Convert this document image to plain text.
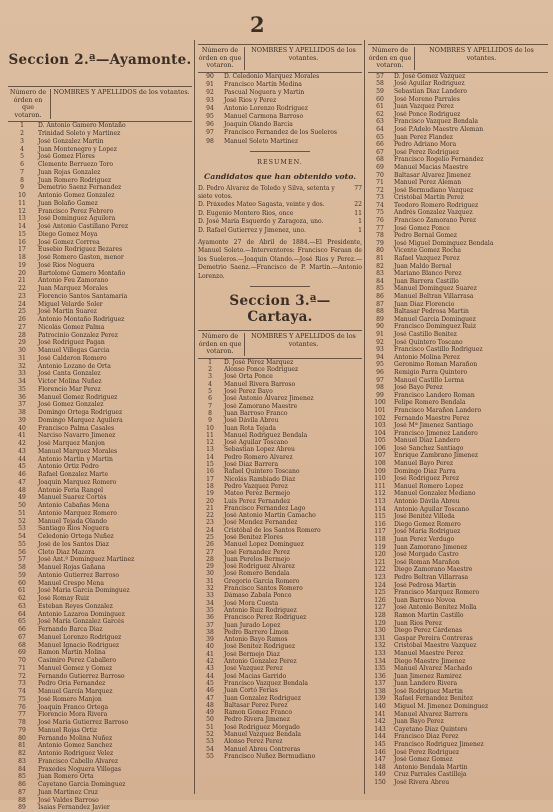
2
Seccion 2.ª—Ayamonte.
Número de órden en que votaron.
NOMBRES Y APELLIDOS de los votantes.
1	D. Antonio Gamero Montaño
2	Trinidad Soleto y Martinez
3	José Gonzalez Martin
4	Juan Montenegro y Lopez
5	José Gomez Flores
6	Clemente Berruezo Toro
7	Juan Rojas Gonzalez
8	Juan Romero Rodriguez
9	Demetrio Saenz Fernandez
10	Antonio Gomez Gonzalez
11	Juan Bolaño Gamez
12	Francisco Perez Febrero
13	José Dominguez Aguilera
14	José Antonio Castillano Perez
15	Diego Gomez Moya
16	José Gomez Corrrea
17	Eusebio Rodriguez Bezares
18	José Romero Gaston, menor
19	José Rios Noguera
20	Bartolomé Gamero Montaño
21	Antonio Feu Zamorano
22	Juan Marquez Morales
23	Florencio Santos Santamaría
24	Miguel Velarde Soler
25	José Martin Suarez
26	Antonio Montaño Rodriguez
27	Nicolás Gomez Palma
28	Patrocinio Gonzalez Perez
29	José Rodriguez Pagan
30	Manuel Villegas Garcia
31	José Calderon Romero
32	Antonio Lozano de Orta
33	José Canta Gonzalez
34	Víctor Molina Nuñez
35	Florencio Mar Perez
36	Manuel Gomez Rodriguez
37	José Gomez Gonzalez
38	Domingo Ortega Rodriguez
39	Domingo Marquez Aguilera
40	Francisco Palma Casales
41	Narciso Navarro Jimenez
42	José Marquez Manjon
43	Manuel Marquez Morales
44	Antonio Martin y Martin
45	Antonio Ortiz Pedro
46	Rafael Gonzalez Marte
47	Joaquin Marquez Romero
48	Antonio Feria Rangel
49	Manuel Suarez Cortés
50	Antonio Cabañas Mena
51	Antonio Marquez Romero
52	Manuel Tejada Olando
53	Santiago Rios Noguera
54	Celedonio Ortega Nuñez
55	José de los Santos Diaz
56	Cleto Diaz Mazora
57	José Ant.º Dominguez Martinez
58	Manuel Rojas Gañana
59	Antonio Gutierrez Barroso
60	Manuel Crespo Mena
61	José María Garcia Dominguez
62	José Romay Ruiz
63	Esteban Reyes Gonzalez
64	Antonio Lazaroa Dominguez
65	José María Gonzalez Garcés
66	Fernando Barca Diaz
67	Manuel Lorenzo Rodriguez
68	Manuel Ignacio Rodriguez
69	Ramon Martin Molina
70	Casimiro Perez Caballero
71	Manuel Gomez y Gomez
72	Fernando Gutierrez Barroso
73	Pedro Oria Fernandez
74	Manuel García Marquez
75	José Romero Manjon
76	Joaquin Franco Ortega
77	Florencio Mora Rivera
78	José María Gutierrez Barroso
79	Manuel Rojas Ortiz
80	Fernando Molina Nuñez
81	Antonio Gomez Sanchez
82	Antonio Rodriguez Velez
83	Francisco Cabello Alvarez
84	Praxedes Noguera Villegas
85	Juan Romero Orta
86	Cayetano Garcia Dominguez
87	Juan Martinez Cruz
88	José Valdes Barroso
89	Isaias Fernandez Javier
Número de órden en que votaron.
NOMBRES Y APELLIDOS de los votantes.
90	D. Celedonio Marquez Morales
91	Francisco Martín Medina
92	Pascual Noguera y Martin
93	José Rios y Perez
94	Antonio Lorenzo Rodriguez
95	Manuel Carmona Barroso
96	Joaquin Olando Barcia
97	Francisco Fernandez de los Sueleros
98	Manuel Soleto Martinez
RESUMEN.
Candidatos que han obtenido voto.
D. Pedro Alvarez de Toledo y Silva, setenta y siete votos.
77
D. Práxedes Mateo Sagasta, veinte y dos.	22
D. Eugenio Montero Rios, once	11
D. José María Esquerdo y Zaragoza, uno.	1
D. Rafael Gutierrez y Jimenez, uno.	1
Ayamonte 27 de Abril de 1884.—El Presidente, Manuel Soleto.—Interventores: Francisco Feraan de los Sueleros.—Joaquin Olando.—José Rios y Perez.—Demetrio Saenz.—Francisco de P. Martin.—Antonio Lorenzo.
Seccion 3.ª—Cartaya.
Número de órden en que votaron.
NOMBRES Y APELLIDOS de los votantes.
1	D. José Pérez Marquez
2	Alonso Ponce Rodriguez
3	José Orta Ponce
4	Manuel Rivera Barroso
5	José Perez Bayo
6	José Antonio Alvarez Jimenez
7	José Zamorano Maestre
8	Juan Barroso Franco
9	José Dávila Abreu
10	Juan Rota Tejada
11	Manuel Rodriguez Bendala
12	José Aguilar Toscano
13	Sebastian Lopez Abreu
14	Pedro Romero Alvarez
15	José Diaz Barrera
16	Rafael Quintero Toscano
17	Nicolás Rambiado Diaz
18	Pedro Vazquez Perez
19	Mateo Perez Bermejo
20	Luis Perez Fernandez
21	Francisco Fernandez Lago
22	José Antonio Martin Camacho
23	José Mendez Fernandez
24	Cristóbal de los Santos Romero
25	José Benitez Flores
26	Manuel Lopez Dominguez
27	José Fernandez Perez
28	Juan Perelos Bermejo
29	José Rodriguez Alvarez
30	José Romero Bendala
31	Gregorio Garcia Romero
32	Francisco Santos Romero
33	Dámaso Zabala Ponce
34	José Mora Cuesta
35	Antonio Ruiz Rodriguez
36	Francisco Perez Rodriguez
37	Juan Jurado Lopez
38	Pedro Barrero Limon
39	Antonio Bayo Ramos
40	José Benitez Rodriguez
41	José Bermejo Diaz
42	Antonio Gonzalez Perez
43	José Vazquez Perez
44	José Macias Garrido
45	Francisco Vazquez Bendala
46	Juan Cortó Ferias
47	Juan Gonzalez Rodriguez
48	Baltasar Perez Perez
49	Ramon Gomez Franco
50	Pedro Rivera Jimenez
51	José Rodriguez Morgado
52	Manuel Vazquez Bendala
53	Alonso Perez Perez
54	Manuel Abreu Contreras
55	Francisco Nuñez Bermudiano
Número de órden en que votaron.
NOMBRES Y APELLIDOS de los votantes.
57	D. José Gomez Vazquez
58	José Aguilar Rodriguez
59	Sebastian Diaz Landero
60	José Moreno Parrales
61	Juan Vazquez Perez
62	José Ponce Rodriguez
63	Francisco Vazquez Bendala
64	José P.Adelo Maestre Aleman
65	Juan Perez Flandez
66	Pedro Adriano Mora
67	José Perez Rodriguez
68	Francisco Rogelio Fernandez
69	Manuel Macias Maestre
70	Baltasar Alvarez Jimenez
71	Manuel Perez Aleman
72	José Bermudiano Vazquez
73	Cristóbal Martín Perez
74	Teodoro Romero Rodriguez
75	Andrés Gonzalez Vazquez
76	Francisco Zamorano Perez
77	José Gomez Ponce
78	Pedro Bernal Gomez
79	José Miguel Dominguez Bendala
80	Vicente Gomez Rocha
81	Rafael Vazquez Perez
82	Juan Maldo Bernal
83	Mariano Blanco Perez
84	Juan Barrera Castillo
85	Manuel Dominguez Suarez
86	Manuel Beltran Villarrasa
87	Juan Diaz Florencio
88	Baltasar Pedrosa Martin
89	Manuel Garcia Dominguez
90	Francisco Dominguez Ruiz
91	José Castillo Benitez
92	José Quintero Toscano
93	Francisco Castillo Rodriguez
94	Antonio Molina Perez
95	Geronimo Roman Marañon
96	Remigio Parra Quintero
97	Manuel Castillo Lerma
98	José Bayo Perez
99	Francisco Landero Roman
100	Felipe Romero Bendala
101	Francisco Marañon Landero
102	Fernando Maestre Perez
103	José Mª Jimenez Santiago
104	Francisco Jimenez Landero
105	Manuel Diaz Landero
106	José Sanchez Santiago
107	Enrique Zambrano Jimenez
108	Manuel Bayo Perez
109	Domingo Diaz Parra
110	José Rodriguez Perez
111	Manuel Romero Lopez
112	Manuel Gonzalez Mediano
113	Antonio Dávila Abreu
114	Antonio Aguilar Toscano
115	José Benitez Villeda
116	Diego Gomez Romero
117	José María Rodriguez
118	Juan Perez Verdugo
119	Juan Zamorano Jimenez
120	José Morgado Castro
121	José Roman Marañon
122	Diego Zamorano Maestre
123	Pedro Beltran Villarrasa
124	José Pedrosa Martin
125	Francisco Marquez Romero
126	Juan Barroso Novoa
127	José Antonio Benitez Molla
128	Ramon Martin Castillo
129	Juan Rios Perez
130	Diego Perez Cárdenas
131	Gaspar Pereira Contreras
132	Cristóbal Maestre Vazquez
133	Manuel Maestre Perez
134	Diego Maestre Jimenez
135	Manuel Alvarez Machado
136	Juan Jimenez Ramirez
137	Juan Landero Rivera
138	José Rodriguez Martin
139	Rafael Fernandez Benitez
140	Miguel M. Jimenez Dominguez
141	Manuel Alvarez Barrera
142	Juan Bayo Perez
143	Cayetano Diaz Quintero
144	Francisco Diaz Perez
145	Francisco Rodriguez Jimenez
146	José Perez Rodriguez
147	José Gomez Gomez
148	Antonio Bendala Martin
149	Cruz Parrales Castilleja
150	José Rivera Abreu
